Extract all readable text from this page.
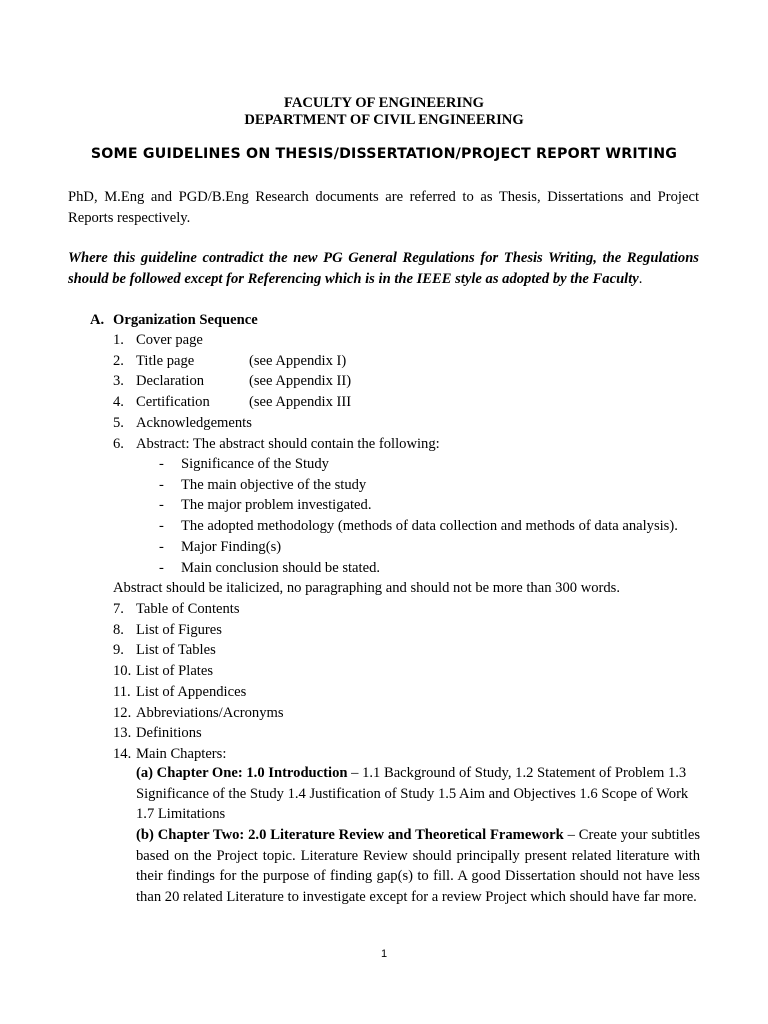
FACULTY OF ENGINEERING
DEPARTMENT OF CIVIL ENGINEERING
SOME GUIDELINES ON THESIS/DISSERTATION/PROJECT REPORT WRITING

PhD, M.Eng and PGD/B.Eng Research documents are referred to as Thesis, Dissertations and Project Reports respectively.

Where this guideline contradict the new PG General Regulations for Thesis Writing, the Regulations should be followed except for Referencing which is in the IEEE style as adopted by the Faculty.

A. Organization Sequence
1. Cover page
2. Title page	(see Appendix I)
3. Declaration	(see Appendix II)
4. Certification	(see Appendix III
5. Acknowledgements
6. Abstract: The abstract should contain the following:
- Significance of the Study
- The main objective of the study
- The major problem investigated.
- The adopted methodology (methods of data collection and methods of data analysis).
- Major Finding(s)
- Main conclusion should be stated.
Abstract should be italicized, no paragraphing and should not be more than 300 words.
7. Table of Contents
8. List of Figures
9. List of Tables
10. List of Plates
11. List of Appendices
12. Abbreviations/Acronyms
13. Definitions
14. Main Chapters:

(a) Chapter One: 1.0 Introduction – 1.1 Background of Study, 1.2 Statement of Problem 1.3 Significance of the Study 1.4 Justification of Study 1.5 Aim and Objectives 1.6 Scope of Work 1.7 Limitations

(b) Chapter Two: 2.0 Literature Review and Theoretical Framework – Create your subtitles based on the Project topic. Literature Review should principally present related literature with their findings for the purpose of finding gap(s) to fill. A good Dissertation should not have less than 20 related Literature to investigate except for a review Project which should have far more.

1
